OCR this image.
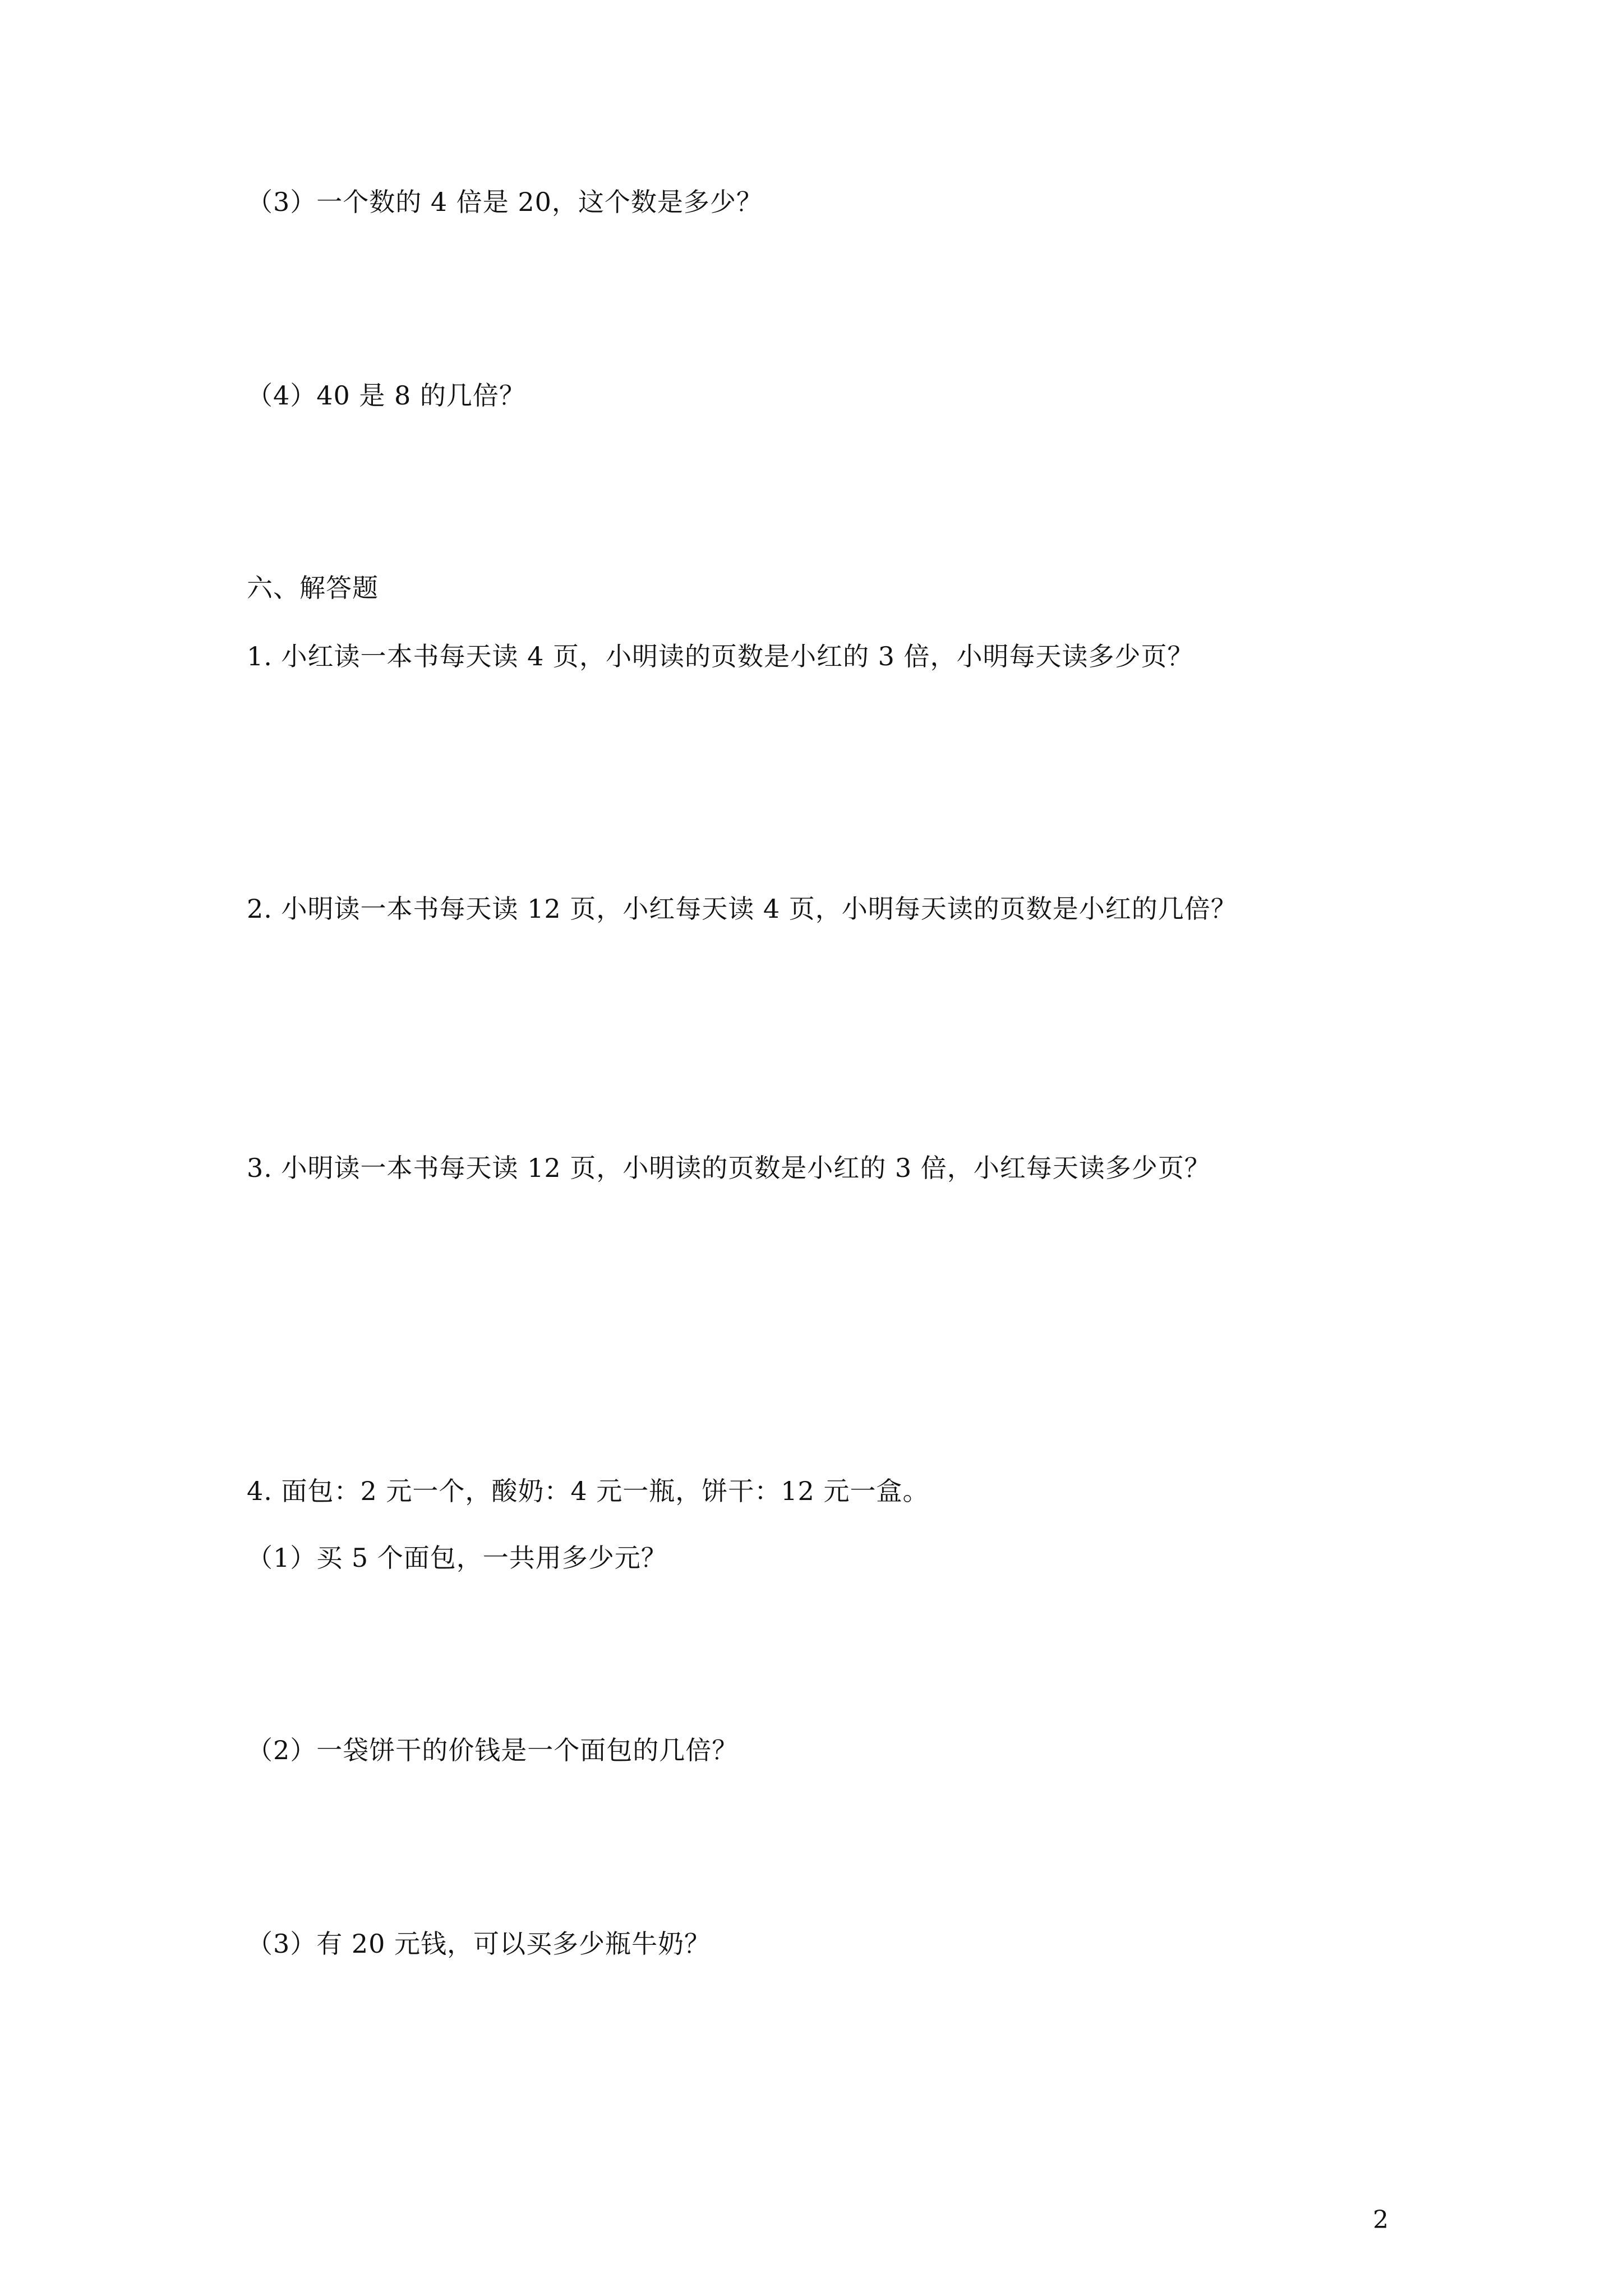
（3）一个数的 4 倍是 20，这个数是多少？
（4）40 是 8 的几倍？
六、解答题
1. 小红读一本书每天读 4 页，小明读的页数是小红的 3 倍，小明每天读多少页？
2. 小明读一本书每天读 12 页，小红每天读 4 页，小明每天读的页数是小红的几倍？
3. 小明读一本书每天读 12 页，小明读的页数是小红的 3 倍，小红每天读多少页？
4. 面包：2 元一个，酸奶：4 元一瓶，饼干：12 元一盒。
（1）买 5 个面包，一共用多少元？
（2）一袋饼干的价钱是一个面包的几倍？
（3）有 20 元钱，可以买多少瓶牛奶？
2
